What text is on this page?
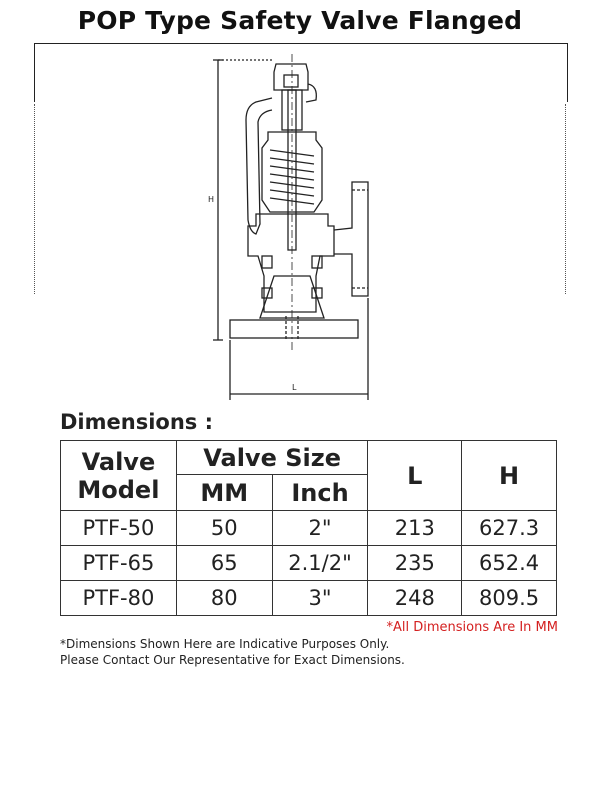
POP Type Safety Valve Flanged
H
L
Dimensions :
Valve
Model	Valve Size		L	H
	MM	Inch		
PTF-50	50	2"	213	627.3
PTF-65	65	2.1/2"	235	652.4
PTF-80	80	3"	248	809.5
*All Dimensions Are In MM
*Dimensions Shown Here are Indicative Purposes Only.
Please Contact Our Representative for Exact Dimensions.
